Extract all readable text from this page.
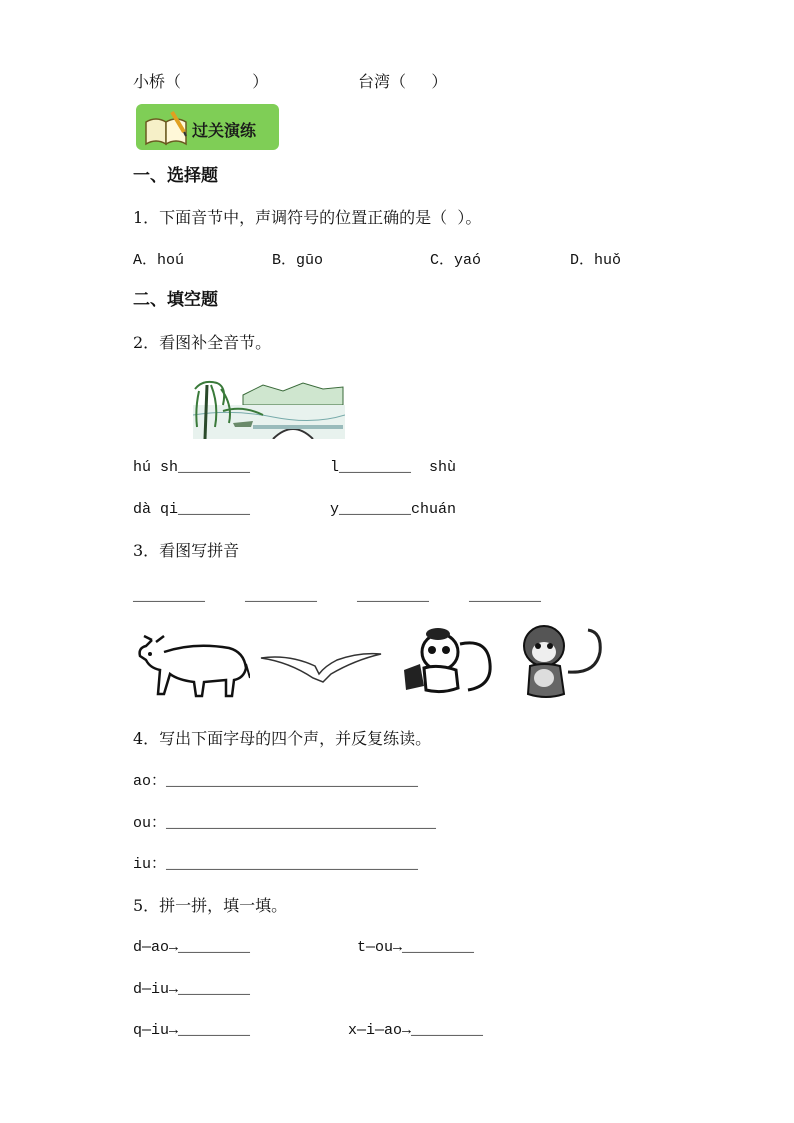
小桥（              ）	台湾（     ）
过关演练
一、选择题
1．下面音节中，声调符号的位置正确的是（  ）。
A．hoú	B．gūo	C．yaó	D．huǒ
二、填空题
2．看图补全音节。
hú sh________	l________  shù
dà qi________	y________chuán
3．看图写拼音
________	________	________	________
4．写出下面字母的四个声，并反复练读。
ao：____________________________
ou：______________________________
iu：____________________________
5．拼一拼，填一填。
d—ao→________	t—ou→________
d—iu→________
q—iu→________	x—i—ao→________
